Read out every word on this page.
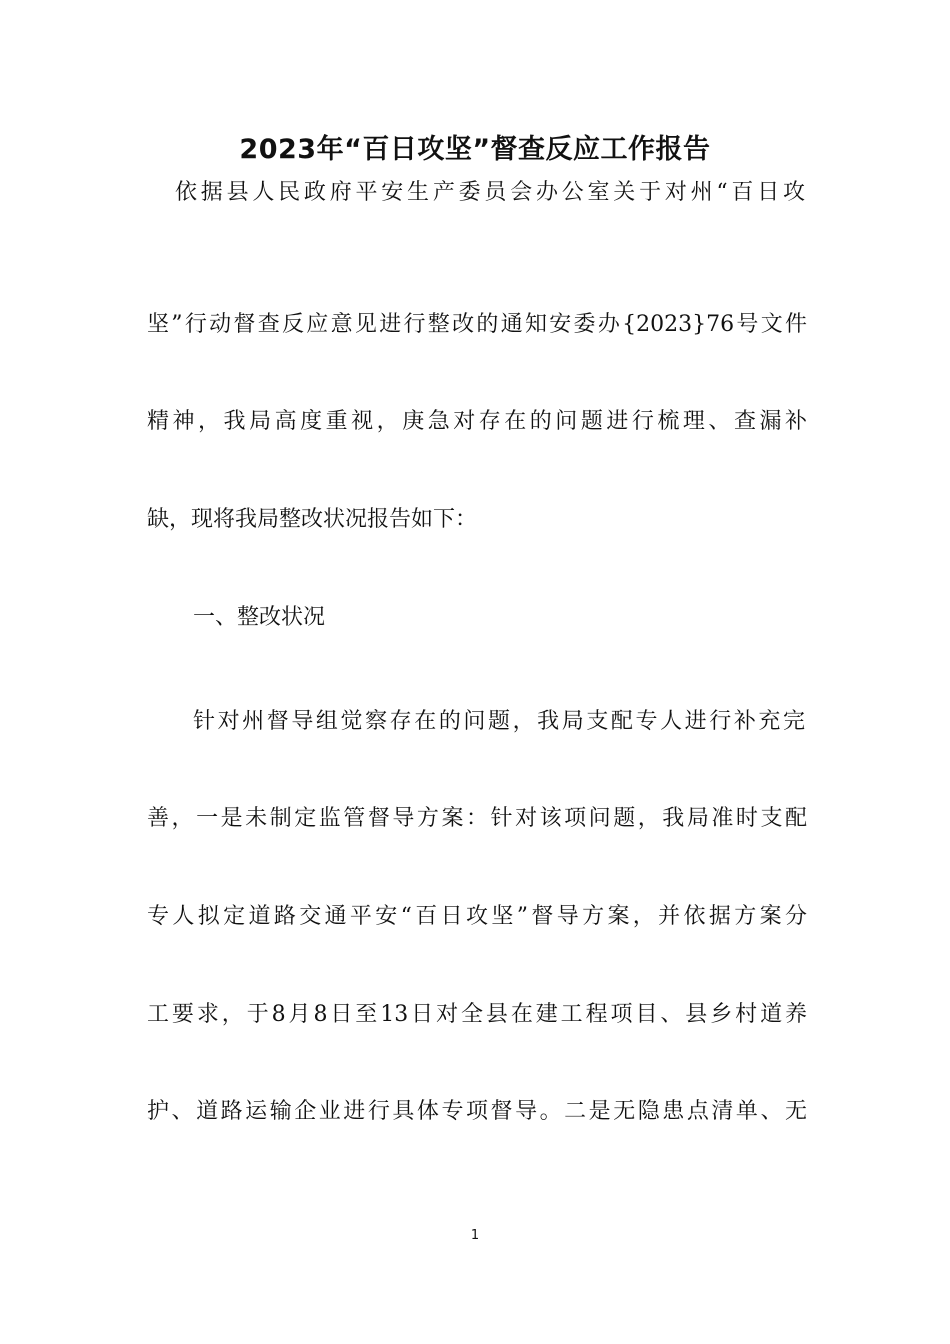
2023年“百日攻坚”督查反应工作报告
依据县人民政府平安生产委员会办公室关于对州“百日攻
坚”行动督查反应意见进行整改的通知安委办{2023}76号文件
精神，我局高度重视，庚急对存在的问题进行梳理、查漏补
缺，现将我局整改状况报告如下：
一、整改状况
针对州督导组觉察存在的问题，我局支配专人进行补充完
善，一是未制定监管督导方案：针对该项问题，我局准时支配
专人拟定道路交通平安“百日攻坚”督导方案，并依据方案分
工要求，于8月8日至13日对全县在建工程项目、县乡村道养
护、道路运输企业进行具体专项督导。二是无隐患点清单、无
1
